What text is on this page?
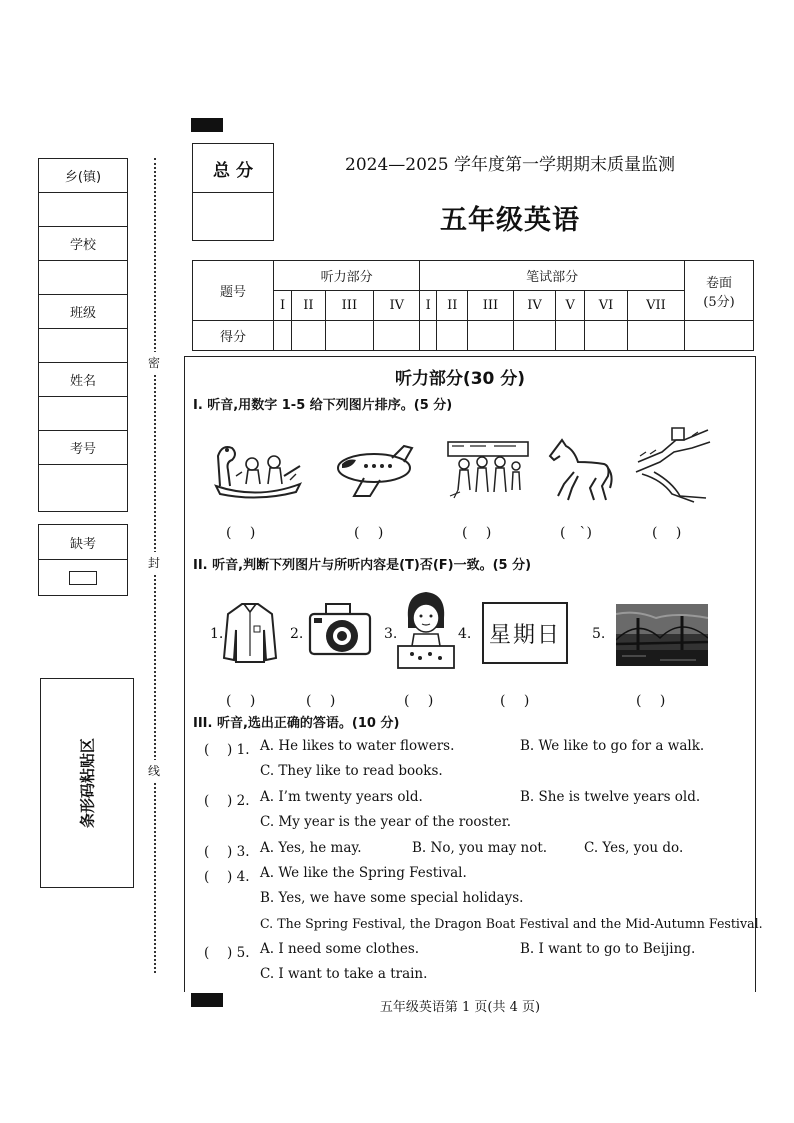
乡(镇)
学校
班级
姓名
考号
缺考
条形码粘贴区
密
封
线
总 分	2024—2025 学年度第一学期期末质量监测
五年级英语
题号	听力部分				笔试部分							卷面
(5分)

	I	II	III	IV	I	II	III	IV	V	VI	VII	
得分												
听力部分(30 分)
I. 听音,用数字 1-5 给下列图片排序。(5 分)
(　 )	(　 )	(　 )	(　`)	(　 )
II. 听音,判断下列图片与所听内容是(T)否(F)一致。(5 分)
1.	2.	3.	4. 星期日 5.
(　 )	(　 )	(　 )	(　 )	(　 )
III. 听音,选出正确的答语。(10 分)
(　 ) 1. A. He likes to water flowers.	B. We like to go for a walk.
C. They like to read books.
(　 ) 2. A. I’m twenty years old.	B. She is twelve years old.
C. My year is the year of the rooster.
(　 ) 3. A. Yes, he may.	B. No, you may not.	C. Yes, you do.
(　 ) 4. A. We like the Spring Festival.
B. Yes, we have some special holidays.
C. The Spring Festival, the Dragon Boat Festival and the Mid-Autumn Festival.
(　 ) 5. A. I need some clothes.	B. I want to go to Beijing.
C. I want to take a train.
五年级英语第 1 页(共 4 页)
